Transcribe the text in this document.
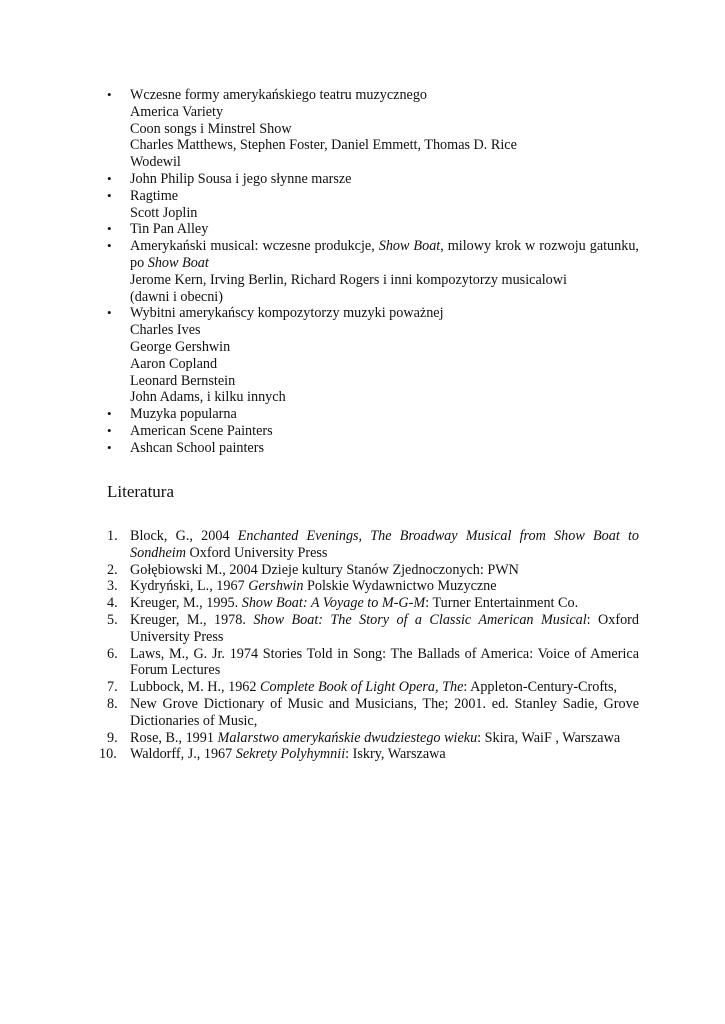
• Wczesne formy amerykańskiego teatru muzycznego
America Variety
Coon songs i Minstrel Show
Charles Matthews, Stephen Foster, Daniel Emmett, Thomas D. Rice
Wodewil
• John Philip Sousa i jego słynne marsze
• Ragtime
Scott Joplin
• Tin Pan Alley
• Amerykański musical: wczesne produkcje, Show Boat, milowy krok w rozwoju gatunku, po Show Boat
Jerome Kern, Irving Berlin, Richard Rogers i inni kompozytorzy musicalowi
(dawni i obecni)
• Wybitni amerykańscy kompozytorzy muzyki poważnej
Charles Ives
George Gershwin
Aaron Copland
Leonard Bernstein
John Adams, i kilku innych
• Muzyka popularna
• American Scene Painters
• Ashcan School painters
Literatura
1. Block, G., 2004 Enchanted Evenings, The Broadway Musical from Show Boat to Sondheim Oxford University Press
2. Gołębiowski M., 2004 Dzieje kultury Stanów Zjednoczonych: PWN
3. Kydryński, L., 1967 Gershwin Polskie Wydawnictwo Muzyczne
4. Kreuger, M., 1995. Show Boat: A Voyage to M-G-M: Turner Entertainment Co.
5. Kreuger, M., 1978. Show Boat: The Story of a Classic American Musical: Oxford University Press
6. Laws, M., G. Jr. 1974 Stories Told in Song: The Ballads of America: Voice of America Forum Lectures
7. Lubbock, M. H., 1962 Complete Book of Light Opera, The: Appleton-Century-Crofts,
8. New Grove Dictionary of Music and Musicians, The; 2001. ed. Stanley Sadie, Grove Dictionaries of Music,
9. Rose, B., 1991 Malarstwo amerykańskie dwudziestego wieku: Skira, WaiF , Warszawa
10. Waldorff, J., 1967 Sekrety Polyhymnii: Iskry, Warszawa
